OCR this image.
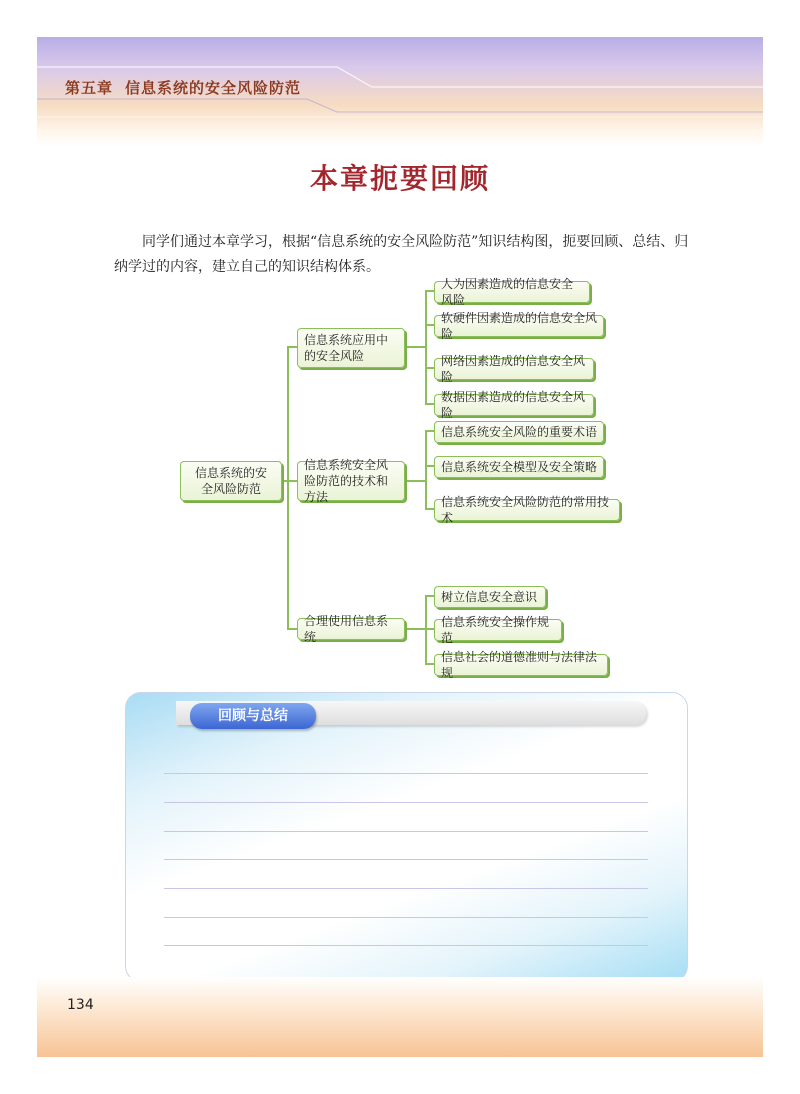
第五章 信息系统的安全风险防范
本章扼要回顾
同学们通过本章学习，根据“信息系统的安全风险防范”知识结构图，扼要回顾、总结、归纳学过的内容，建立自己的知识结构体系。
信息系统的安全风险防范
信息系统应用中的安全风险
人为因素造成的信息安全风险
软硬件因素造成的信息安全风险
网络因素造成的信息安全风险
数据因素造成的信息安全风险
信息系统安全风险防范的技术和方法
信息系统安全风险的重要术语
信息系统安全模型及安全策略
信息系统安全风险防范的常用技术
合理使用信息系统
树立信息安全意识
信息系统安全操作规范
信息社会的道德准则与法律法规
回顾与总结
134
